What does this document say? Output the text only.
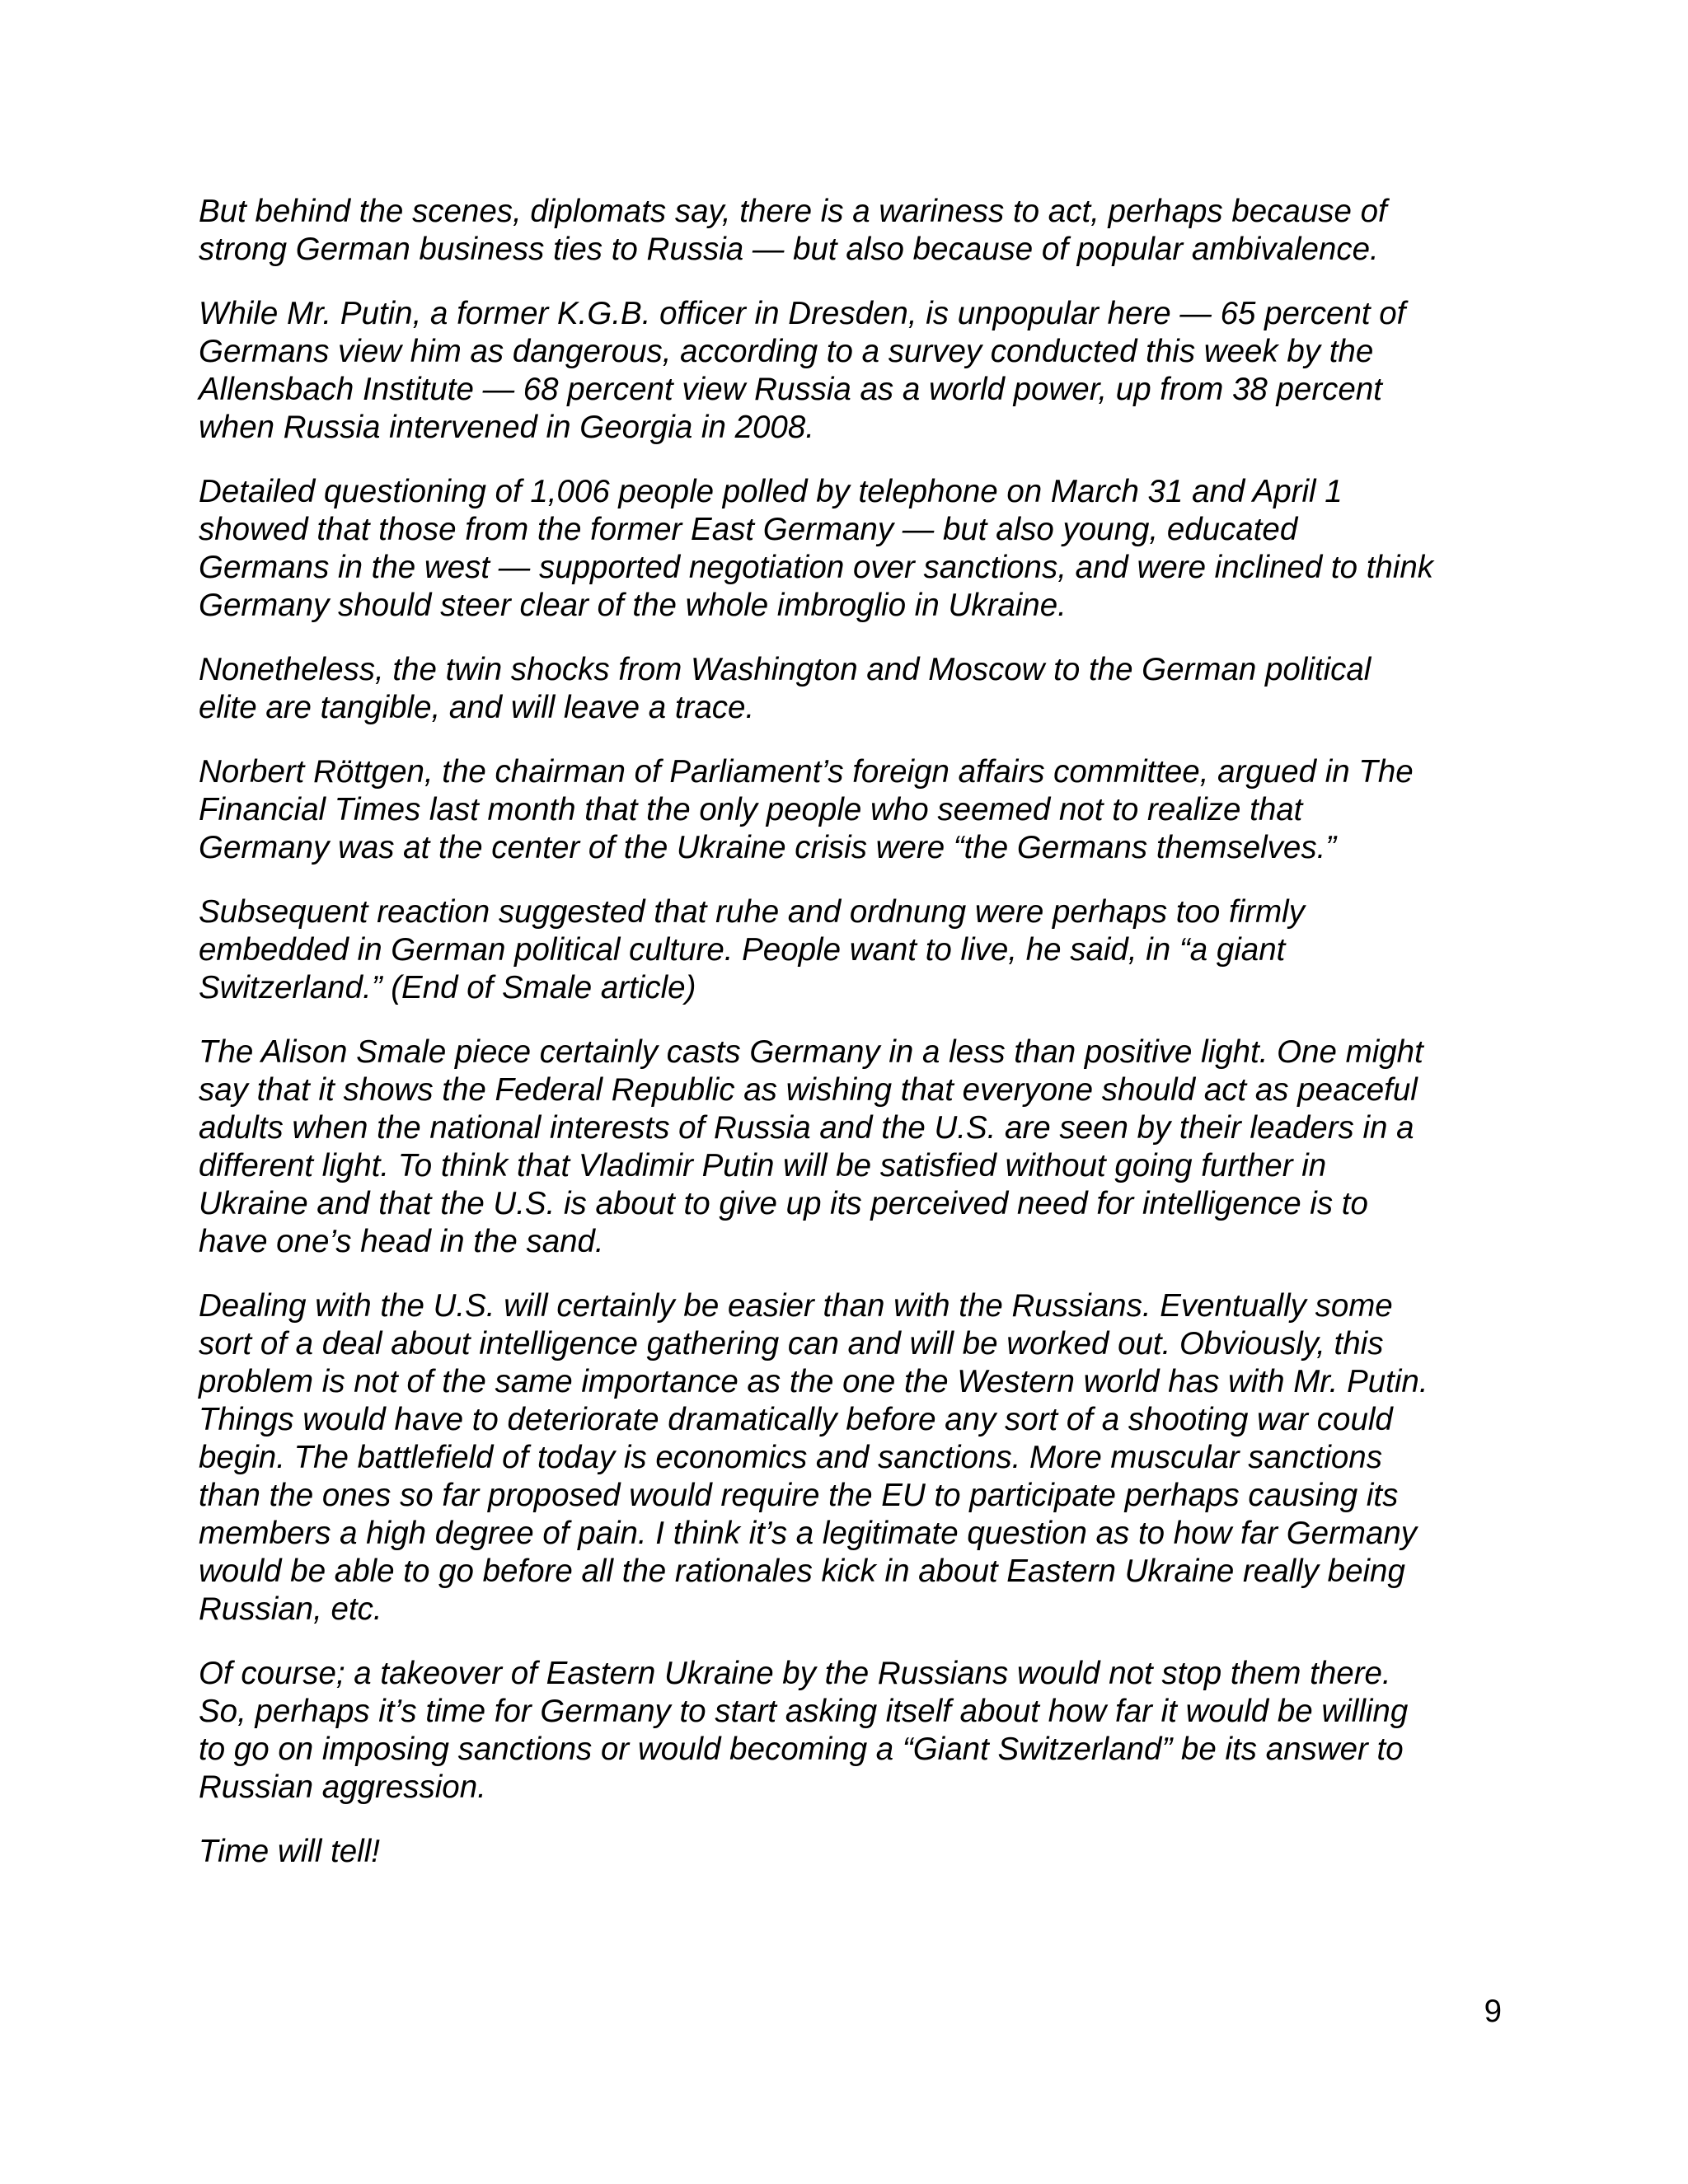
But behind the scenes, diplomats say, there is a wariness to act, perhaps because of
strong German business ties to Russia — but also because of popular ambivalence.

While Mr. Putin, a former K.G.B. officer in Dresden, is unpopular here — 65 percent of
Germans view him as dangerous, according to a survey conducted this week by the
Allensbach Institute — 68 percent view Russia as a world power, up from 38 percent
when Russia intervened in Georgia in 2008.

Detailed questioning of 1,006 people polled by telephone on March 31 and April 1
showed that those from the former East Germany — but also young, educated
Germans in the west — supported negotiation over sanctions, and were inclined to think
Germany should steer clear of the whole imbroglio in Ukraine.

Nonetheless, the twin shocks from Washington and Moscow to the German political
elite are tangible, and will leave a trace.

Norbert Röttgen, the chairman of Parliament’s foreign affairs committee, argued in The
Financial Times last month that the only people who seemed not to realize that
Germany was at the center of the Ukraine crisis were “the Germans themselves.”

Subsequent reaction suggested that ruhe and ordnung were perhaps too firmly
embedded in German political culture. People want to live, he said, in “a giant
Switzerland.” (End of Smale article)

The Alison Smale piece certainly casts Germany in a less than positive light. One might
say that it shows the Federal Republic as wishing that everyone should act as peaceful
adults when the national interests of Russia and the U.S. are seen by their leaders in a
different light. To think that Vladimir Putin will be satisfied without going further in
Ukraine and that the U.S. is about to give up its perceived need for intelligence is to
have one’s head in the sand.

Dealing with the U.S. will certainly be easier than with the Russians. Eventually some
sort of a deal about intelligence gathering can and will be worked out. Obviously, this
problem is not of the same importance as the one the Western world has with Mr. Putin.
Things would have to deteriorate dramatically before any sort of a shooting war could
begin. The battlefield of today is economics and sanctions. More muscular sanctions
than the ones so far proposed would require the EU to participate perhaps causing its
members a high degree of pain. I think it’s a legitimate question as to how far Germany
would be able to go before all the rationales kick in about Eastern Ukraine really being
Russian, etc.

Of course; a takeover of Eastern Ukraine by the Russians would not stop them there.
So, perhaps it’s time for Germany to start asking itself about how far it would be willing
to go on imposing sanctions or would becoming a “Giant Switzerland” be its answer to
Russian aggression.

Time will tell!

9
